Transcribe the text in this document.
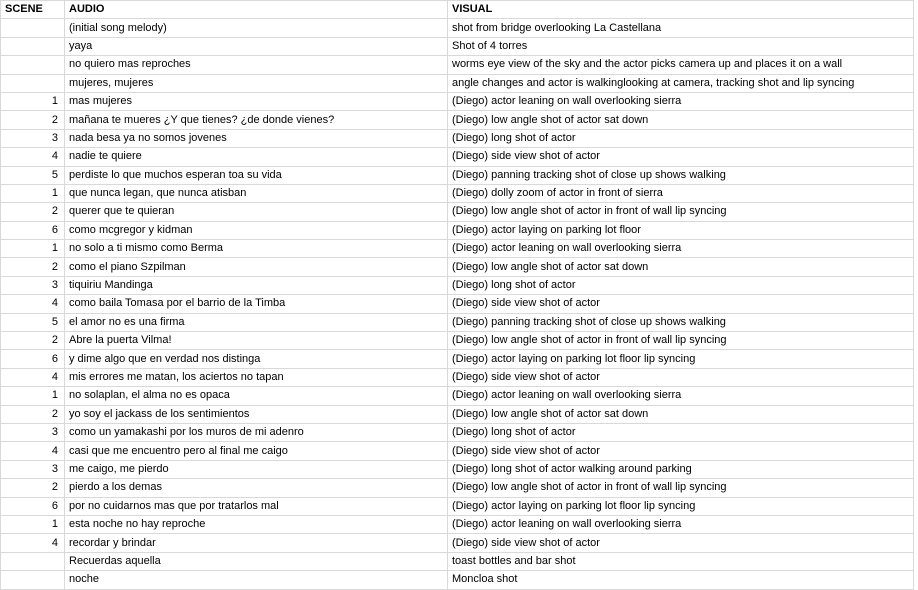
SCENE	AUDIO	VISUAL
	(initial song melody)	shot from bridge overlooking La Castellana
	yaya	Shot of 4 torres
	no quiero mas reproches	worms eye view of the sky and the actor picks camera up and places it on a wall
	mujeres, mujeres	angle changes and actor is walkinglooking at camera, tracking shot and lip syncing
1	mas mujeres	(Diego) actor leaning on wall overlooking sierra
2	mañana te mueres ¿Y que tienes? ¿de donde vienes?	(Diego) low angle shot of actor sat down
3	nada besa ya no somos jovenes	(Diego) long shot of actor
4	nadie te quiere	(Diego) side view shot of actor
5	perdiste lo que muchos esperan toa su vida	(Diego) panning tracking shot of close up shows walking
1	que nunca legan, que nunca atisban	(Diego) dolly zoom of actor in front of sierra
2	querer que te quieran	(Diego) low angle shot of actor in front of wall lip syncing
6	como mcgregor y kidman	(Diego) actor laying on parking lot floor
1	no solo a ti mismo como Berma	(Diego) actor leaning on wall overlooking sierra
2	como el piano Szpilman	(Diego) low angle shot of actor sat down
3	tiquiriu Mandinga	(Diego) long shot of actor
4	como baila Tomasa por el barrio de la Timba	(Diego) side view shot of actor
5	el amor no es una firma	(Diego) panning tracking shot of close up shows walking
2	Abre la puerta Vilma!	(Diego) low angle shot of actor in front of wall lip syncing
6	y dime algo que en verdad nos distinga	(Diego) actor laying on parking lot floor lip syncing
4	mis errores me matan, los aciertos no tapan	(Diego) side view shot of actor
1	no solaplan, el alma no es opaca	(Diego) actor leaning on wall overlooking sierra
2	yo soy el jackass de los sentimientos	(Diego) low angle shot of actor sat down
3	como un yamakashi por los muros de mi adenro	(Diego) long shot of actor
4	casi que me encuentro pero al final me caigo	(Diego) side view shot of actor
3	me caigo, me pierdo	(Diego) long shot of actor walking around parking
2	pierdo a los demas	(Diego) low angle shot of actor in front of wall lip syncing
6	por no cuidarnos mas que por tratarlos mal	(Diego) actor laying on parking lot floor lip syncing
1	esta noche no hay reproche	(Diego) actor leaning on wall overlooking sierra
4	recordar y brindar	(Diego) side view shot of actor
	Recuerdas aquella	toast bottles and bar shot
	noche	Moncloa shot
